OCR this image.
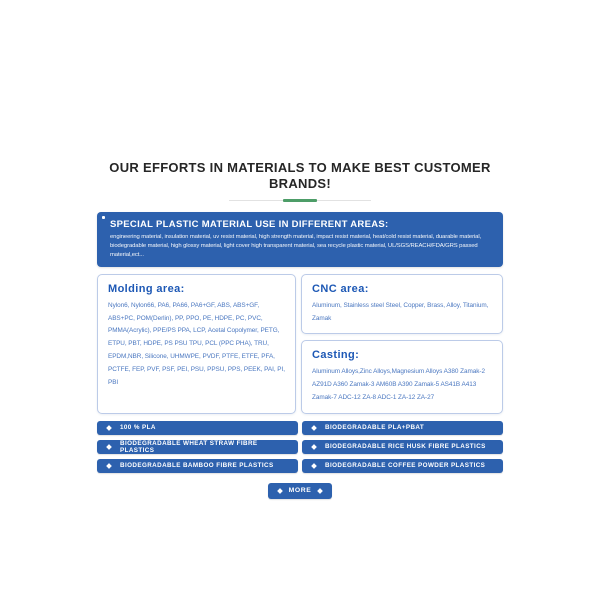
OUR EFFORTS IN MATERIALS TO MAKE BEST CUSTOMER BRANDS!
SPECIAL PLASTIC MATERIAL USE IN DIFFERENT AREAS:

engineering material, insulation material, uv resist material, high strength material, impact resist material, heat/cold resist material, duarable material, biodegradable material, high glossy material, light cover high transparent material, sea recycle plastic material, UL/SGS/REACH/FDA/GRS passed material,ect...

Molding area:

Nylon6, Nylon66, PA6, PA66, PA6+GF, ABS, ABS+GF, ABS+PC, POM(Derlin), PP, PPO, PE, HDPE, PC, PVC, PMMA(Acrylic), PPE/PS PPA, LCP, Acetal Copolymer, PETG, ETPU, PBT, HDPE, PS PSU TPU, PCL (PPC PHA), TRU, EPDM,NBR, Silicone, UHMWPE, PVDF, PTFE, ETFE, PFA, PCTFE, FEP, PVF, PSF, PEI, PSU, PPSU, PPS, PEEK, PAI, PI, PBI

CNC area:

Aluminum, Stainless steel Steel, Copper, Brass, Alloy, Titanium, Zamak

Casting:

Aluminum Alloys,Zinc Alloys,Magnesium Alloys A380 Zamak-2 AZ91D A360 Zamak-3 AM60B A390 Zamak-5 AS41B A413 Zamak-7 ADC-12 ZA-8 ADC-1 ZA-12 ZA-27

100 % PLA	BIODEGRADABLE PLA+PBAT
BIODEGRADABLE WHEAT STRAW FIBRE PLASTICS	BIODEGRADABLE RICE HUSK FIBRE PLASTICS
BIODEGRADABLE BAMBOO FIBRE PLASTICS	BIODEGRADABLE COFFEE POWDER PLASTICS
MORE
